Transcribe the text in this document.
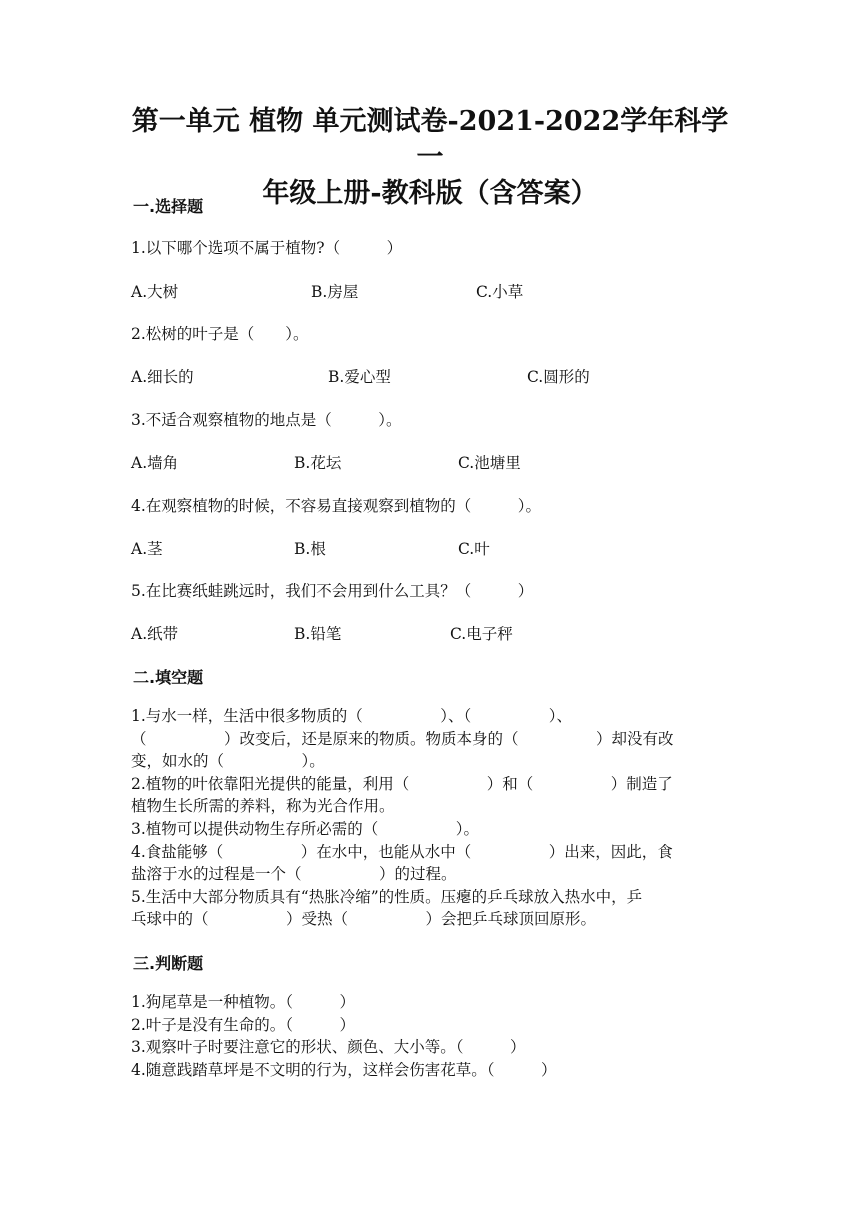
第一单元 植物 单元测试卷-2021-2022学年科学一
年级上册-教科版（含答案）
一.选择题
1.以下哪个选项不属于植物?（　　　）
A.大树	B.房屋	C.小草
2.松树的叶子是（　　）。
A.细长的	B.爱心型	C.圆形的
3.不适合观察植物的地点是（　　　）。
A.墙角	B.花坛	C.池塘里
4.在观察植物的时候，不容易直接观察到植物的（　　　）。
A.茎	B.根	C.叶
5.在比赛纸蛙跳远时，我们不会用到什么工具？（　　　）
A.纸带	B.铅笔	C.电子秤
二.填空题
1.与水一样，生活中很多物质的（　　　　　）、（　　　　　）、
（　　　　　）改变后，还是原来的物质。物质本身的（　　　　　）却没有改
变，如水的（　　　　　）。
2.植物的叶依靠阳光提供的能量，利用（　　　　　）和（　　　　　）制造了
植物生长所需的养料，称为光合作用。
3.植物可以提供动物生存所必需的（　　　　　）。
4.食盐能够（　　　　　）在水中，也能从水中（　　　　　）出来，因此，食
盐溶于水的过程是一个（　　　　　）的过程。
5.生活中大部分物质具有“热胀冷缩”的性质。压瘪的乒乓球放入热水中，乒
乓球中的（　　　　　）受热（　　　　　）会把乒乓球顶回原形。
三.判断题
1.狗尾草是一种植物。（　　　）
2.叶子是没有生命的。（　　　）
3.观察叶子时要注意它的形状、颜色、大小等。（　　　）
4.随意践踏草坪是不文明的行为，这样会伤害花草。（　　　）
